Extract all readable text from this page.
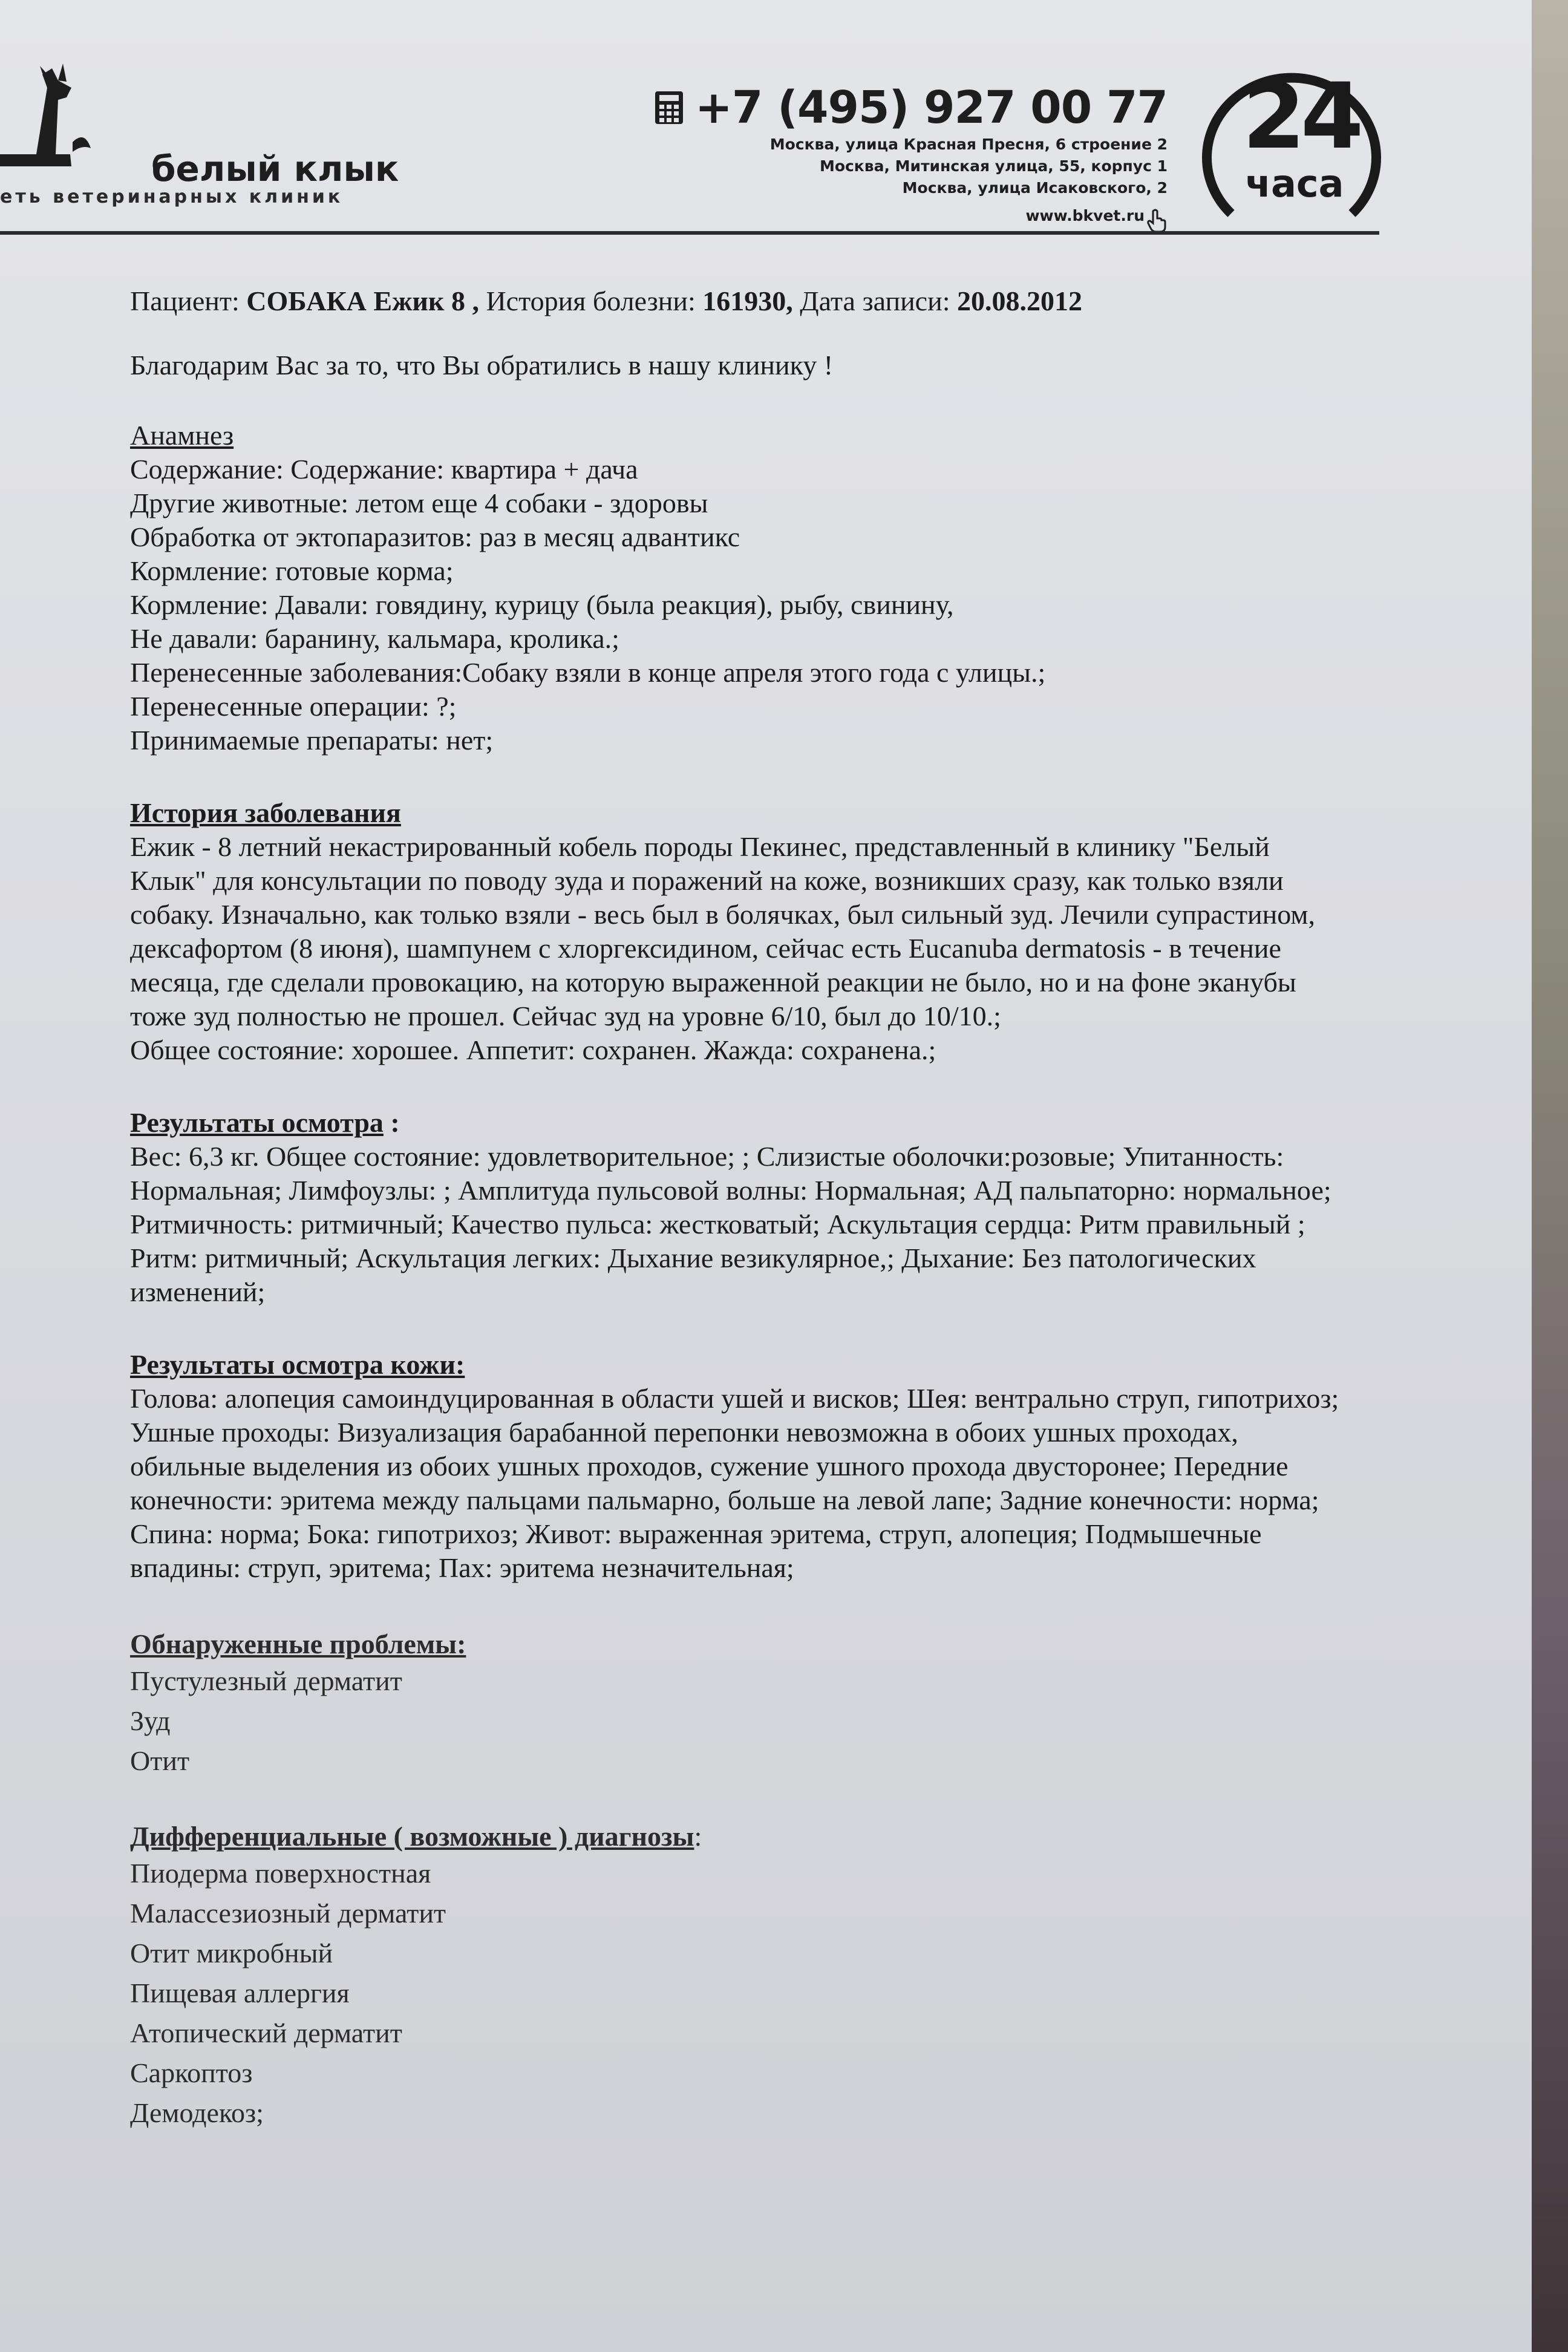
белый клык
еть ветеринарных клиник
+7 (495) 927 00 77
Москва, улица Красная Пресня, 6 строение 2
Москва, Митинская улица, 55, корпус 1
Москва, улица Исаковского, 2
www.bkvet.ru
24
часа

Пациент: СОБАКА Ежик 8 , История болезни: 161930, Дата записи: 20.08.2012

Благодарим Вас за то, что Вы обратились в нашу клинику !

Анамнез

Содержание: Содержание: квартира + дача

Другие животные: летом еще 4 собаки - здоровы

Обработка от эктопаразитов: раз в месяц адвантикс

Кормление: готовые корма;

Кормление: Давали: говядину, курицу (была реакция), рыбу, свинину,

Не давали: баранину, кальмара, кролика.;

Перенесенные заболевания:Собаку взяли в конце апреля этого года с улицы.;

Перенесенные операции: ?;

Принимаемые препараты: нет;

История заболевания

Ежик - 8 летний некастрированный кобель породы Пекинес, представленный в клинику "Белый

Клык" для консультации по поводу зуда и поражений на коже, возникших сразу, как только взяли

собаку. Изначально, как только взяли - весь был в болячках, был сильный зуд. Лечили супрастином,

дексафортом (8 июня), шампунем с хлоргексидином, сейчас есть Eucanuba dermatosis - в течение

месяца, где сделали провокацию, на которую выраженной реакции не было, но и на фоне эканубы

тоже зуд полностью не прошел. Сейчас зуд на уровне 6/10, был до 10/10.;

Общее состояние: хорошее. Аппетит: сохранен. Жажда: сохранена.;

Результаты осмотра :

Вес: 6,3 кг. Общее состояние: удовлетворительное; ; Слизистые оболочки:розовые; Упитанность:

Нормальная; Лимфоузлы: ; Амплитуда пульсовой волны: Нормальная; АД пальпаторно: нормальное;

Ритмичность: ритмичный; Качество пульса: жестковатый; Аскультация сердца: Ритм правильный ;

Ритм: ритмичный; Аскультация легких: Дыхание везикулярное,; Дыхание: Без патологических

изменений;

Результаты осмотра кожи:

Голова: алопеция самоиндуцированная в области ушей и висков; Шея: вентрально струп, гипотрихоз;

Ушные проходы: Визуализация барабанной перепонки невозможна в обоих ушных проходах,

обильные выделения из обоих ушных проходов, сужение ушного прохода двусторонее; Передние

конечности: эритема между пальцами пальмарно, больше на левой лапе; Задние конечности: норма;

Спина: норма; Бока: гипотрихоз; Живот: выраженная эритема, струп, алопеция; Подмышечные

впадины: струп, эритема; Пах: эритема незначительная;

Обнаруженные проблемы:

Пустулезный дерматит

Зуд

Отит

Дифференциальные ( возможные ) диагнозы:

Пиодерма поверхностная

Малассезиозный дерматит

Отит микробный

Пищевая аллергия

Атопический дерматит

Саркоптоз

Демодекоз;
